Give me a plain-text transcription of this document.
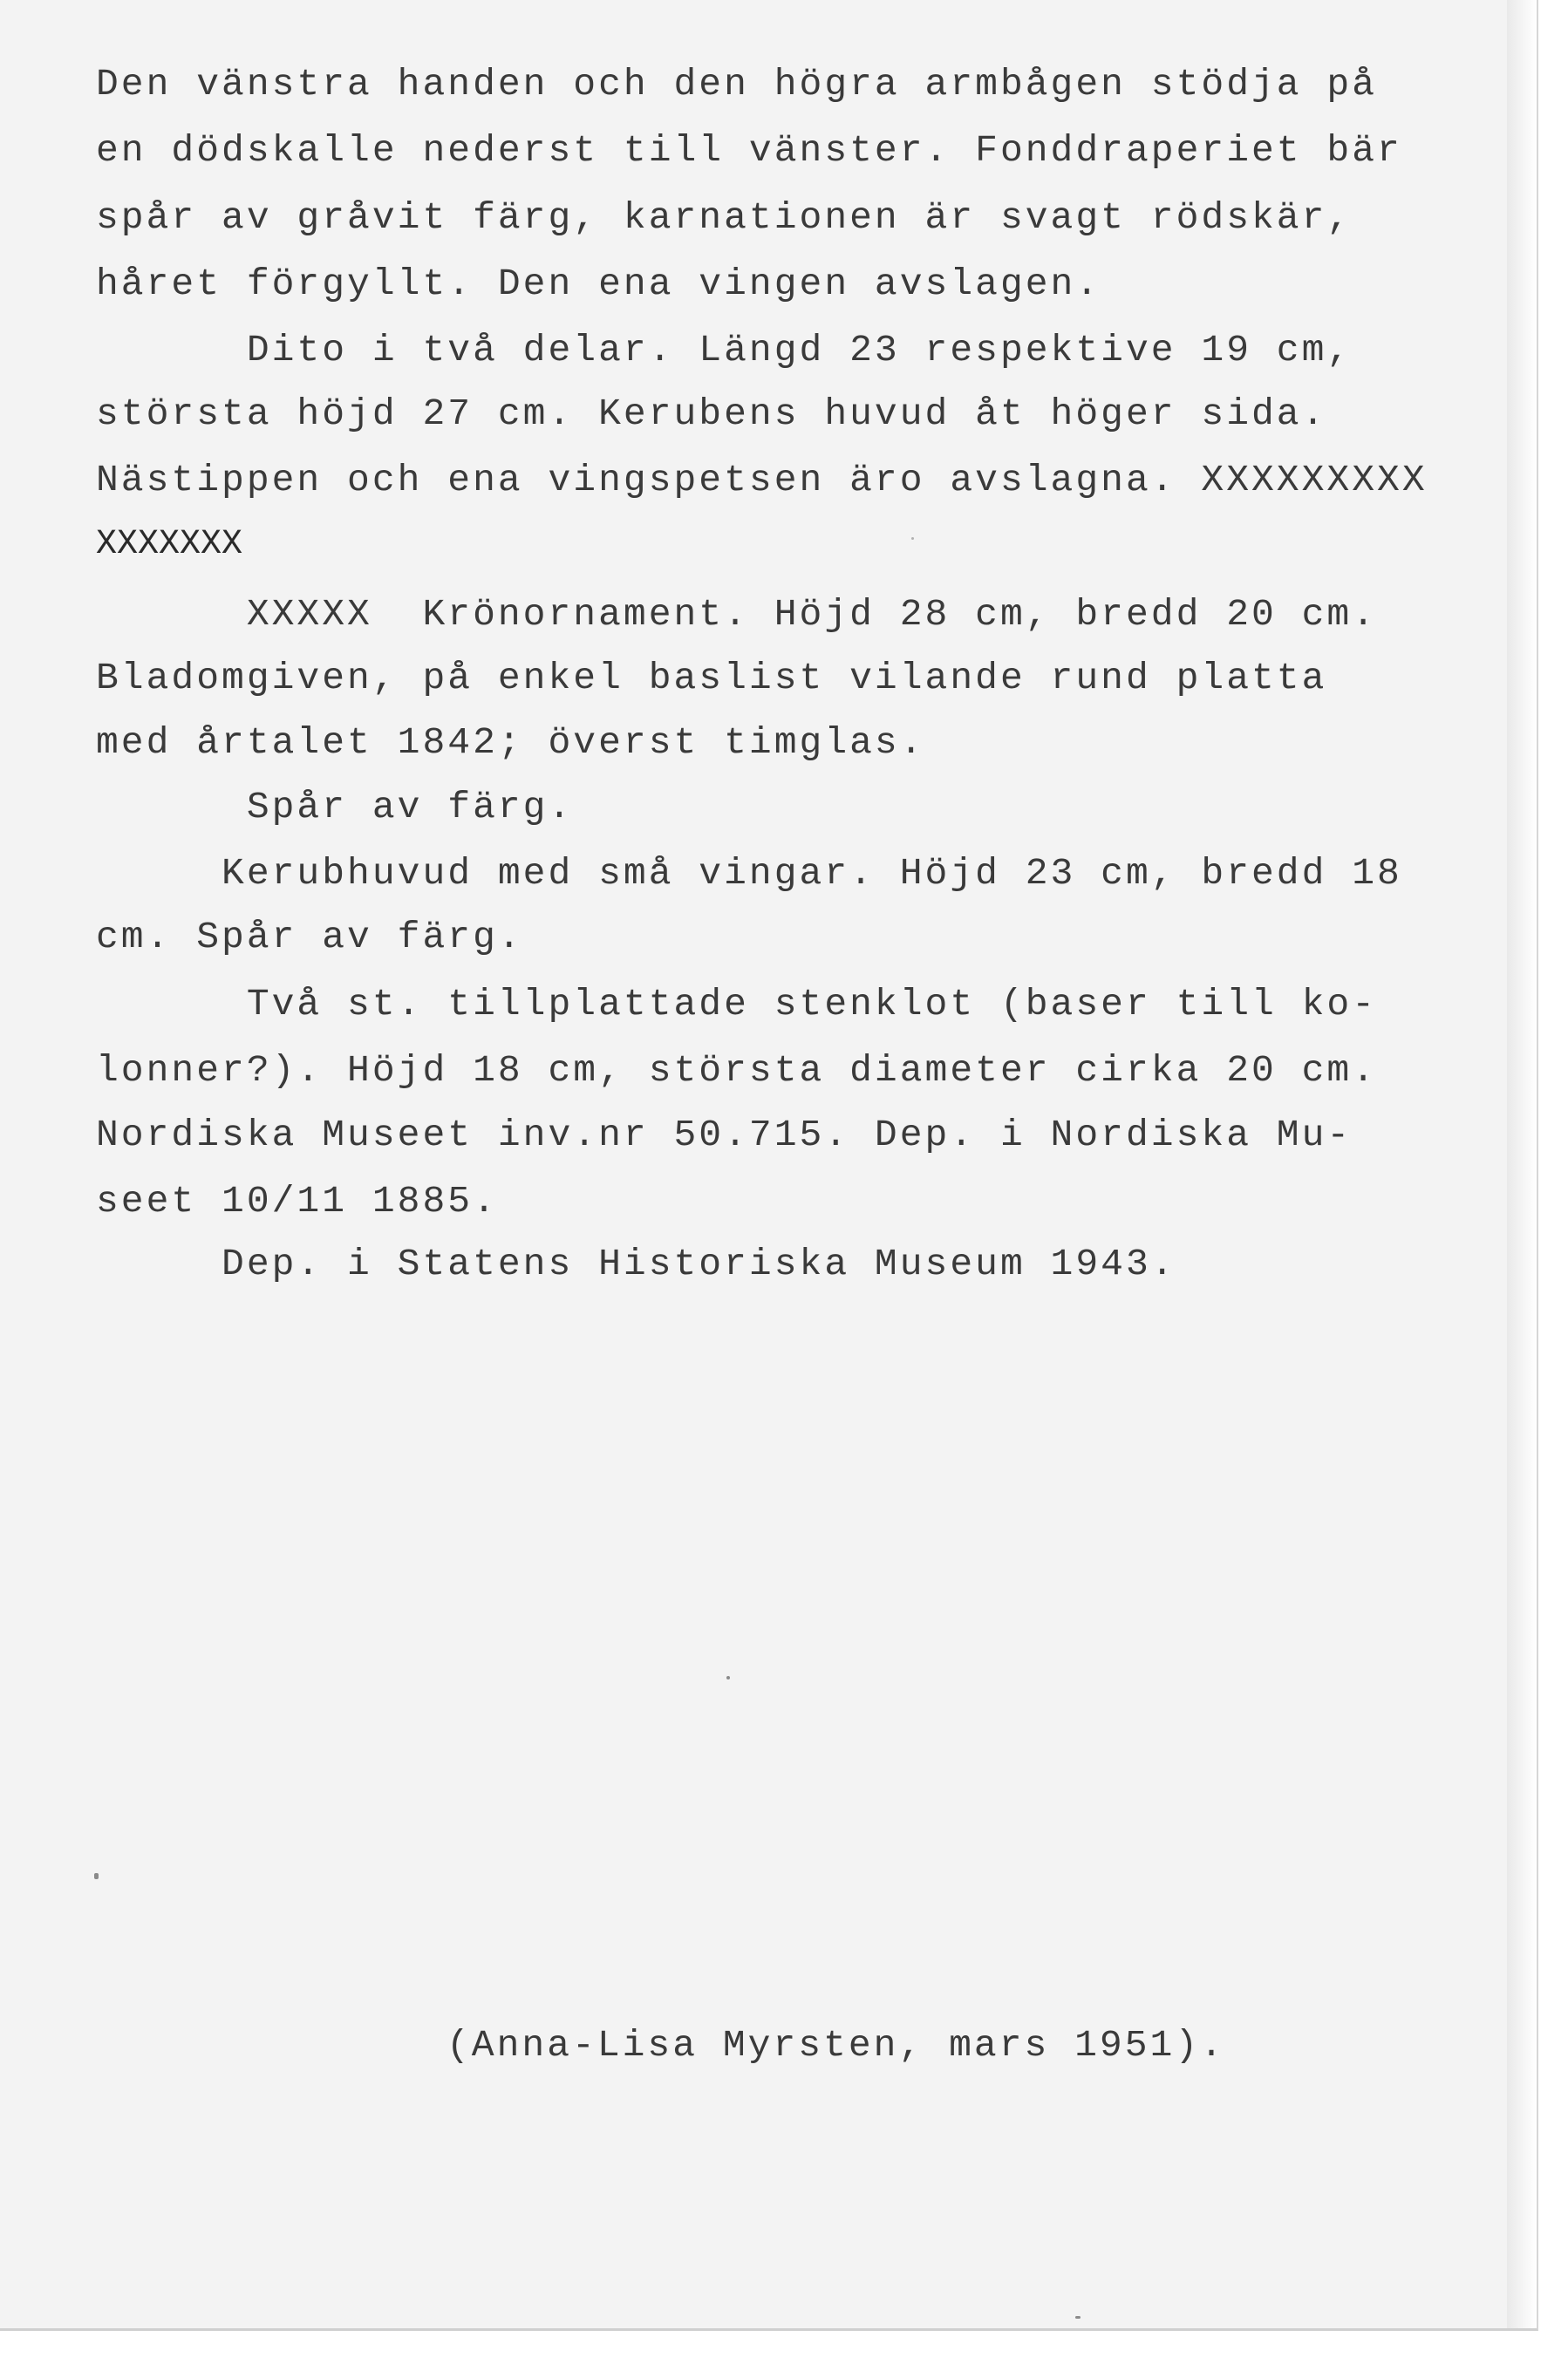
Den vänstra handen och den högra armbågen stödja på

en dödskalle nederst till vänster. Fonddraperiet bär

spår av gråvit färg, karnationen är svagt rödskär,

håret förgyllt. Den ena vingen avslagen.

Dito i två delar. Längd 23 respektive 19 cm,

största höjd 27 cm. Kerubens huvud åt höger sida.

Nästippen och ena vingspetsen äro avslagna. XXXXXXXXX

XXXXXXX

XXXXX  Krönornament. Höjd 28 cm, bredd 20 cm.

Bladomgiven, på enkel baslist vilande rund platta

med årtalet 1842; överst timglas.

Spår av färg.

Kerubhuvud med små vingar. Höjd 23 cm, bredd 18

cm. Spår av färg.

Två st. tillplattade stenklot (baser till ko-

lonner?). Höjd 18 cm, största diameter cirka 20 cm.

Nordiska Museet inv.nr 50.715. Dep. i Nordiska Mu-

seet 10/11 1885.

Dep. i Statens Historiska Museum 1943.

(Anna-Lisa Myrsten, mars 1951).
